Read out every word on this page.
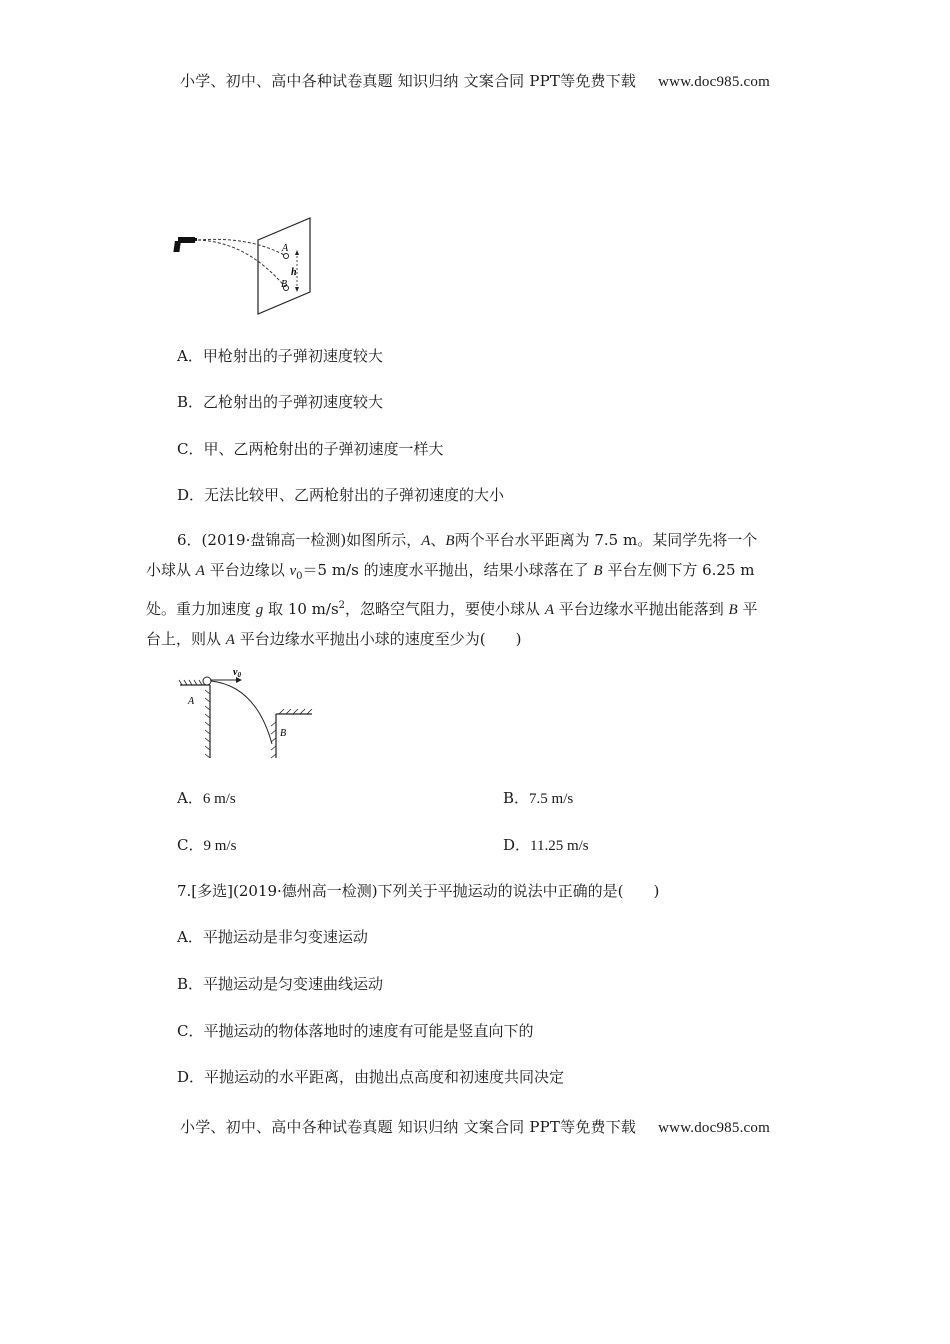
小学、初中、高中各种试卷真题 知识归纳 文案合同 PPT等免费下载 www.doc985.com
A
B
h
A．甲枪射出的子弹初速度较大
B．乙枪射出的子弹初速度较大
C．甲、乙两枪射出的子弹初速度一样大
D．无法比较甲、乙两枪射出的子弹初速度的大小
6．(2019·盘锦高一检测)如图所示，A、B两个平台水平距离为 7.5 m。某同学先将一个
小球从 A 平台边缘以 $v_0=5$ m/s 的速度水平抛出，结果小球落在了 B 平台左侧下方 6.25 m
处。重力加速度 g 取 10 $m/s^2$，忽略空气阻力，要使小球从 A 平台边缘水平抛出能落到 B 平
台上，则从 A 平台边缘水平抛出小球的速度至少为(　　)
$v_0$
A
B
A．6 m/s	B．7.5 m/s
C．9 m/s	D．11.25 m/s
7.[多选](2019·德州高一检测)下列关于平抛运动的说法中正确的是(　　)
A．平抛运动是非匀变速运动
B．平抛运动是匀变速曲线运动
C．平抛运动的物体落地时的速度有可能是竖直向下的
D．平抛运动的水平距离，由抛出点高度和初速度共同决定
小学、初中、高中各种试卷真题 知识归纳 文案合同 PPT等免费下载 www.doc985.com
